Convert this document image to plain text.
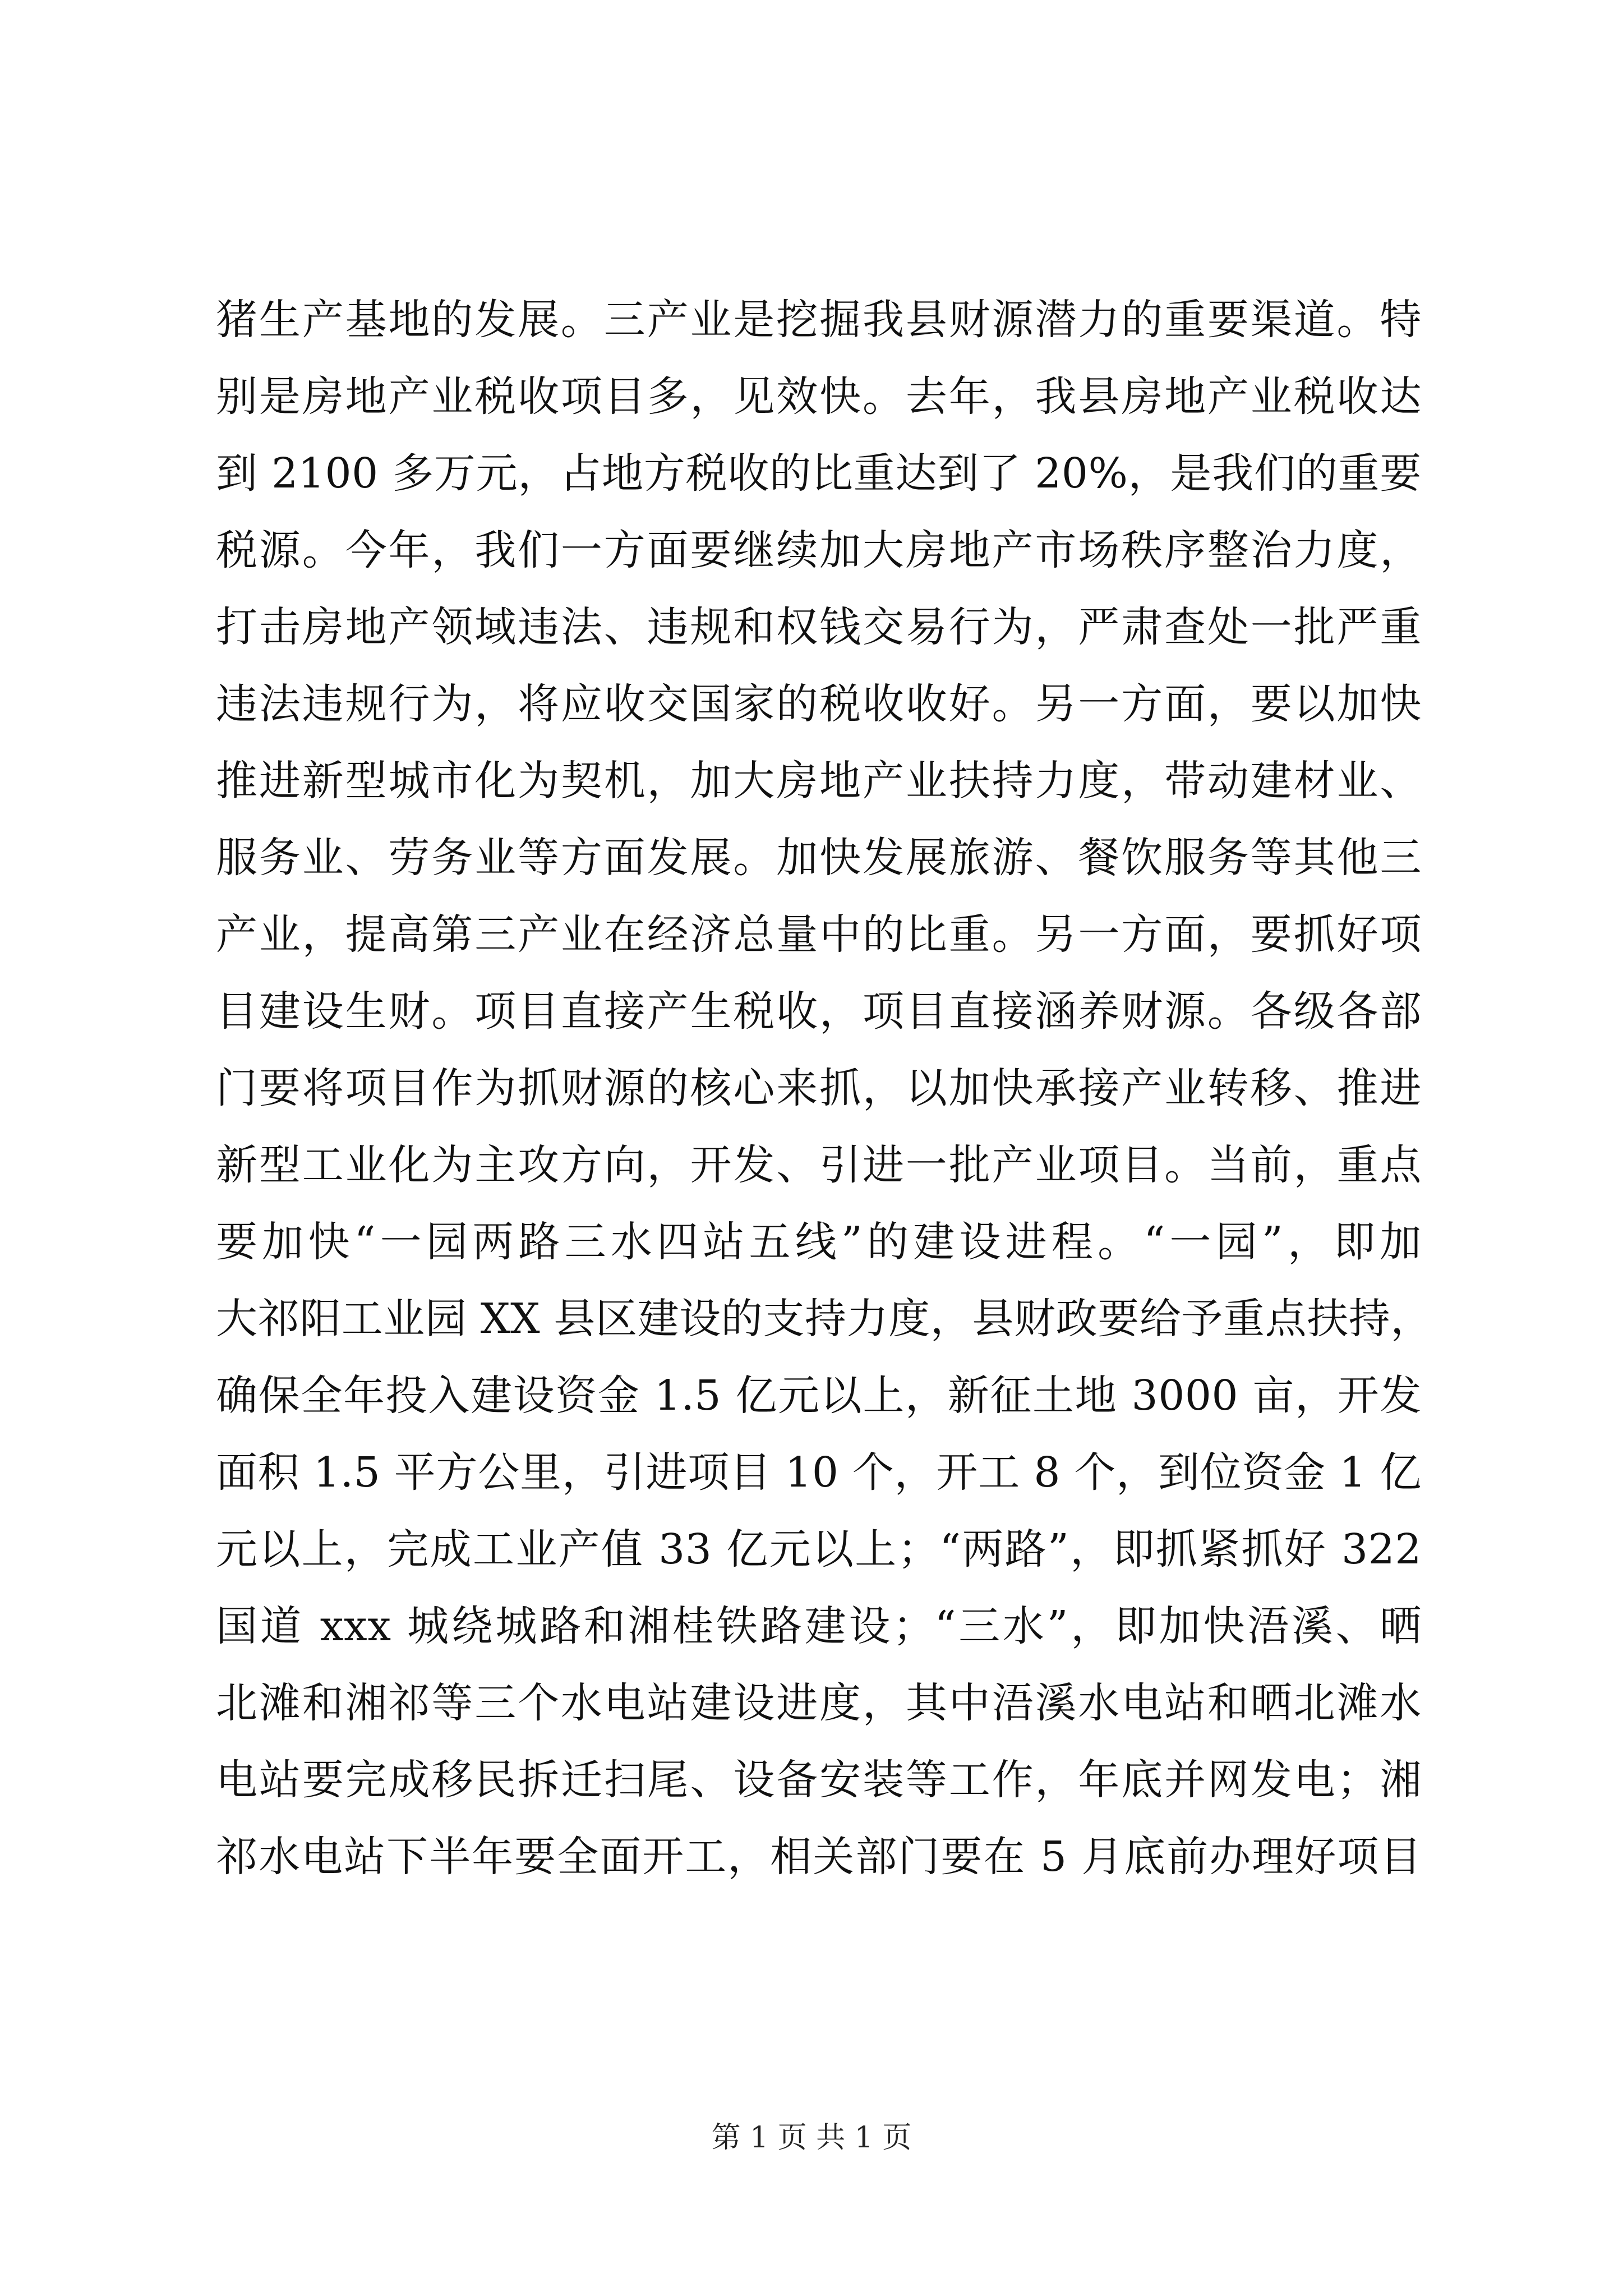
猪生产基地的发展。三产业是挖掘我县财源潜力的重要渠道。特
别是房地产业税收项目多，见效快。去年，我县房地产业税收达
到 2100 多万元，占地方税收的比重达到了 20%，是我们的重要
税源。今年，我们一方面要继续加大房地产市场秩序整治力度，
打击房地产领域违法、违规和权钱交易行为，严肃查处一批严重
违法违规行为，将应收交国家的税收收好。另一方面，要以加快
推进新型城市化为契机，加大房地产业扶持力度，带动建材业、
服务业、劳务业等方面发展。加快发展旅游、餐饮服务等其他三
产业，提高第三产业在经济总量中的比重。另一方面，要抓好项
目建设生财。项目直接产生税收，项目直接涵养财源。各级各部
门要将项目作为抓财源的核心来抓，以加快承接产业转移、推进
新型工业化为主攻方向，开发、引进一批产业项目。当前，重点
要加快“一园两路三水四站五线”的建设进程。“一园”，即加
大祁阳工业园 XX 县区建设的支持力度，县财政要给予重点扶持，
确保全年投入建设资金 1.5 亿元以上，新征土地 3000 亩，开发
面积 1.5 平方公里，引进项目 10 个，开工 8 个，到位资金 1 亿
元以上，完成工业产值 33 亿元以上；“两路”，即抓紧抓好 322
国道 xxx 城绕城路和湘桂铁路建设；“三水”，即加快浯溪、晒
北滩和湘祁等三个水电站建设进度，其中浯溪水电站和晒北滩水
电站要完成移民拆迁扫尾、设备安装等工作，年底并网发电；湘
祁水电站下半年要全面开工，相关部门要在 5 月底前办理好项目
第 1 页 共 1 页
